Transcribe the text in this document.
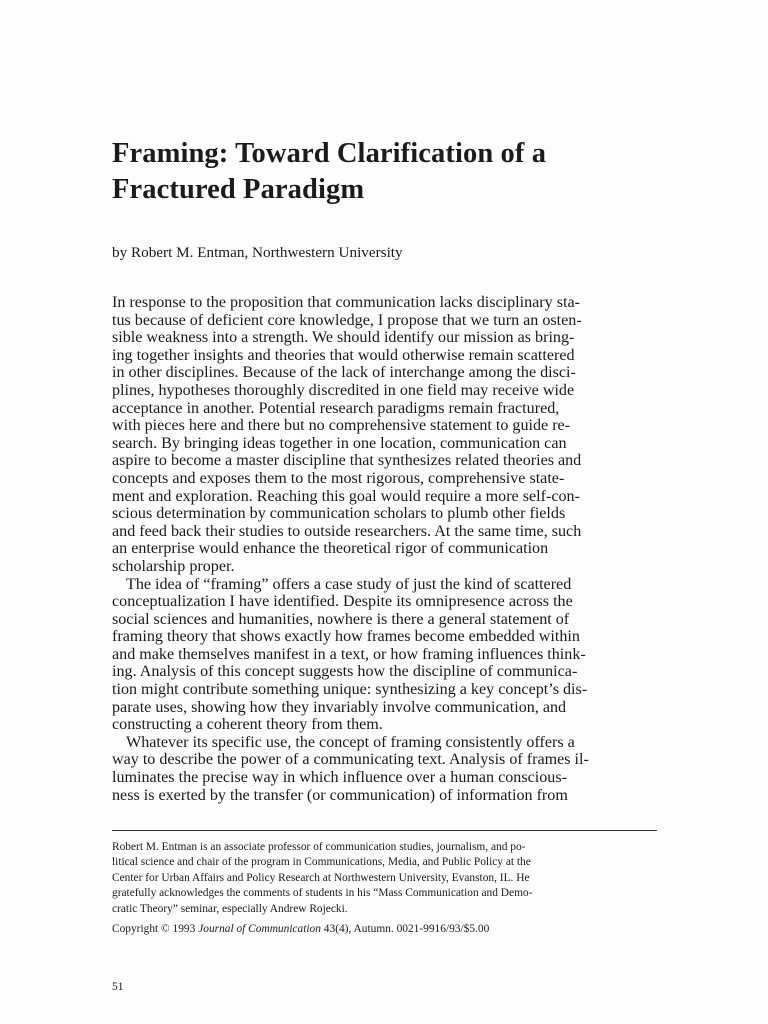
Framing: Toward Clarification of a
Fractured Paradigm

by Robert M. Entman, Northwestern University

In response to the proposition that communication lacks disciplinary sta-
tus because of deficient core knowledge, I propose that we turn an osten-
sible weakness into a strength. We should identify our mission as bring-
ing together insights and theories that would otherwise remain scattered
in other disciplines. Because of the lack of interchange among the disci-
plines, hypotheses thoroughly discredited in one field may receive wide
acceptance in another. Potential research paradigms remain fractured,
with pieces here and there but no comprehensive statement to guide re-
search. By bringing ideas together in one location, communication can
aspire to become a master discipline that synthesizes related theories and
concepts and exposes them to the most rigorous, comprehensive state-
ment and exploration. Reaching this goal would require a more self-con-
scious determination by communication scholars to plumb other fields
and feed back their studies to outside researchers. At the same time, such
an enterprise would enhance the theoretical rigor of communication
scholarship proper.
The idea of “framing” offers a case study of just the kind of scattered
conceptualization I have identified. Despite its omnipresence across the
social sciences and humanities, nowhere is there a general statement of
framing theory that shows exactly how frames become embedded within
and make themselves manifest in a text, or how framing influences think-
ing. Analysis of this concept suggests how the discipline of communica-
tion might contribute something unique: synthesizing a key concept’s dis-
parate uses, showing how they invariably involve communication, and
constructing a coherent theory from them.
Whatever its specific use, the concept of framing consistently offers a
way to describe the power of a communicating text. Analysis of frames il-
luminates the precise way in which influence over a human conscious-
ness is exerted by the transfer (or communication) of information from
Robert M. Entman is an associate professor of communication studies, journalism, and po-
litical science and chair of the program in Communications, Media, and Public Policy at the
Center for Urban Affairs and Policy Research at Northwestern University, Evanston, IL. He
gratefully acknowledges the comments of students in his “Mass Communication and Demo-
cratic Theory” seminar, especially Andrew Rojecki.
Copyright © 1993 Journal of Communication 43(4), Autumn. 0021-9916/93/$5.00
51
